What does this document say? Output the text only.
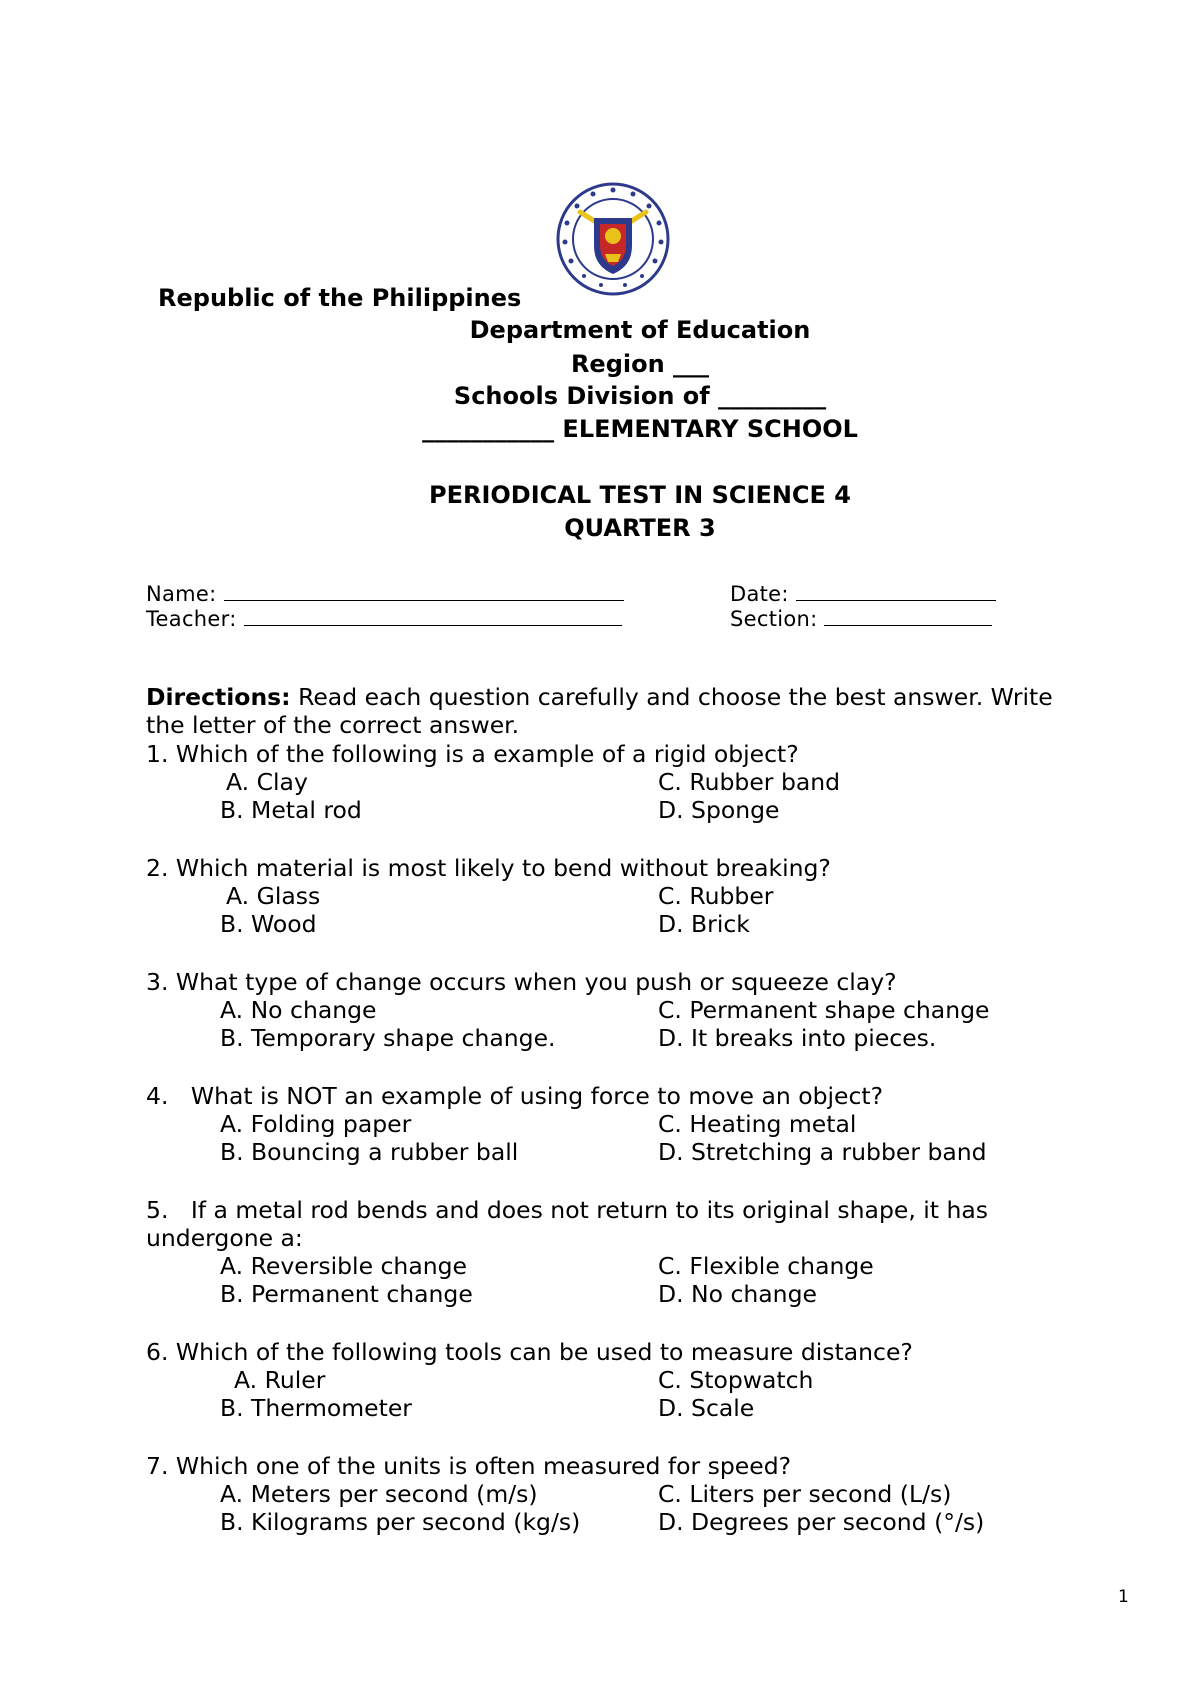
Republic of the Philippines
Department of Education
Region ___
Schools Division of _________
___________ ELEMENTARY SCHOOL
PERIODICAL TEST IN SCIENCE 4
QUARTER 3
Name:	Date:
Teacher:	Section:
Directions: Read each question carefully and choose the best answer. Write
the letter of the correct answer.
1. Which of the following is a example of a rigid object?
A. Clay	C. Rubber band
B. Metal rod	D. Sponge
2. Which material is most likely to bend without breaking?
A. Glass	C. Rubber
B. Wood	D. Brick
3. What type of change occurs when you push or squeeze clay?
A. No change	C. Permanent shape change
B. Temporary shape change.	D. It breaks into pieces.
4.   What is NOT an example of using force to move an object?
A. Folding paper	C. Heating metal
B. Bouncing a rubber ball	D. Stretching a rubber band
5.   If a metal rod bends and does not return to its original shape, it has
undergone a:
A. Reversible change	C. Flexible change
B. Permanent change	D. No change
6. Which of the following tools can be used to measure distance?
A. Ruler	C. Stopwatch
B. Thermometer	D. Scale
7. Which one of the units is often measured for speed?
A. Meters per second (m/s)	C. Liters per second (L/s)
B. Kilograms per second (kg/s)	D. Degrees per second (°/s)
1
